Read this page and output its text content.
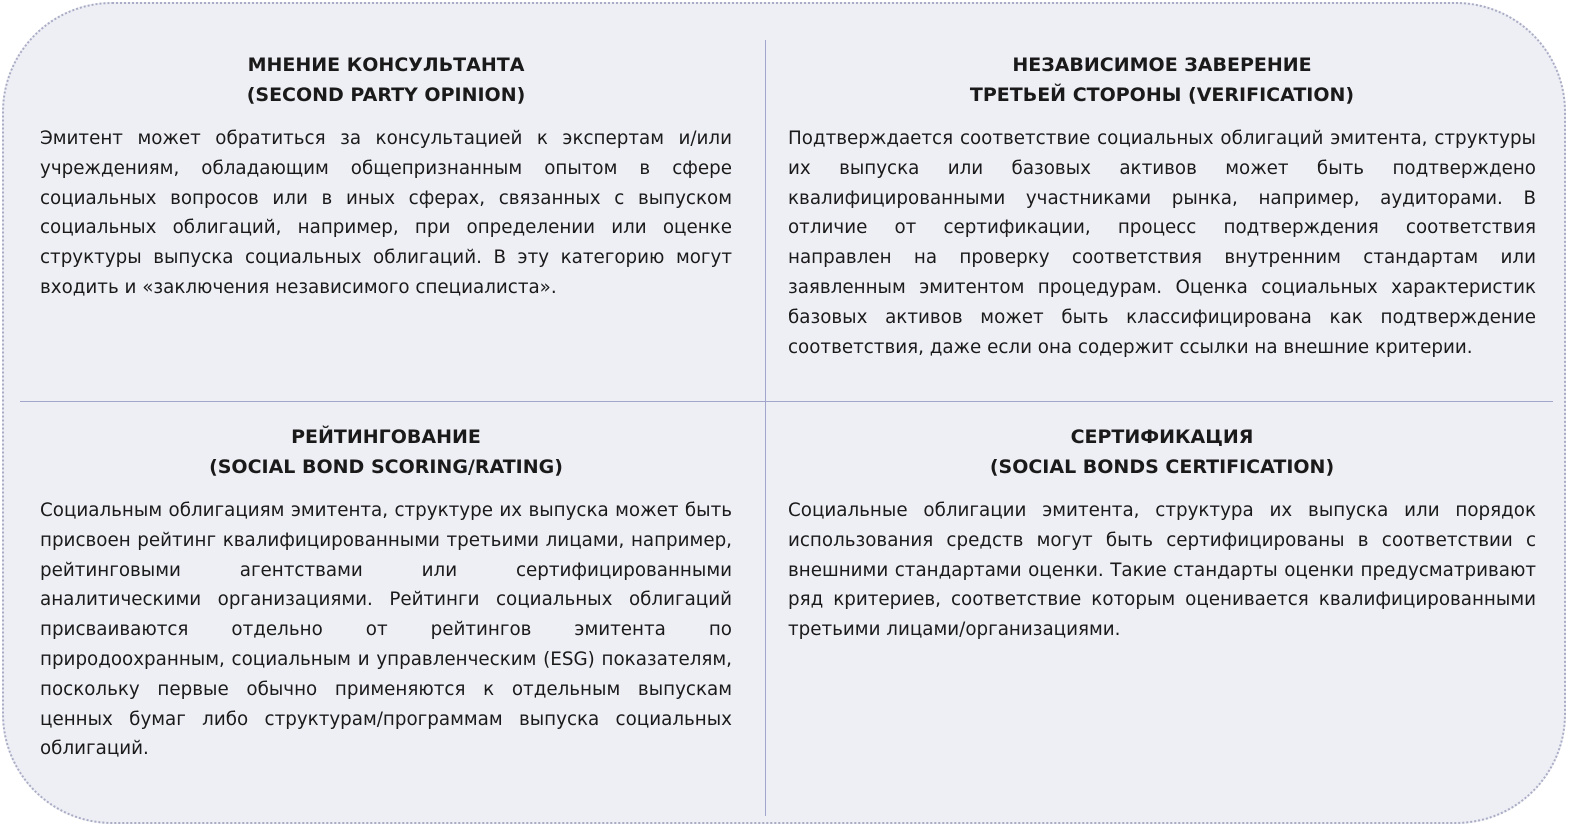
МНЕНИЕ КОНСУЛЬТАНТА
(SECOND PARTY OPINION)

Эмитент может обратиться за консультацией к экспертам и/или учреждениям, обладающим общепризнанным опытом в сфере социальных вопросов или в иных сферах, связанных с выпуском социальных облигаций, например, при определении или оценке структуры выпуска социальных облигаций. В эту категорию могут входить и «заключения независимого специалиста».

НЕЗАВИСИМОЕ ЗАВЕРЕНИЕ
ТРЕТЬЕЙ СТОРОНЫ (VERIFICATION)

Подтверждается соответствие социальных облигаций эмитента, структуры их выпуска или базовых активов может быть подтверждено квалифицированными участниками рынка, например, аудиторами. В отличие от сертификации, процесс подтверждения соответствия направлен на проверку соответствия внутренним стандартам или заявленным эмитентом процедурам. Оценка социальных характеристик базовых активов может быть классифицирована как подтверждение соответствия, даже если она содержит ссылки на внешние критерии.

РЕЙТИНГОВАНИЕ
(SOCIAL BOND SCORING/RATING)

Социальным облигациям эмитента, структуре их выпуска может быть присвоен рейтинг квалифицированными третьими лицами, например, рейтинговыми агентствами или сертифицированными аналитическими организациями. Рейтинги социальных облигаций присваиваются отдельно от рейтингов эмитента по природоохранным, социальным и управленческим (ESG) показателям, поскольку первые обычно применяются к отдельным выпускам ценных бумаг либо структурам/программам выпуска социальных облигаций.

СЕРТИФИКАЦИЯ
(SOCIAL BONDS CERTIFICATION)

Социальные облигации эмитента, структура их выпуска или порядок использования средств могут быть сертифицированы в соответствии с внешними стандартами оценки. Такие стандарты оценки предусматривают ряд критериев, соответствие которым оценивается квалифицированными третьими лицами/организациями.
